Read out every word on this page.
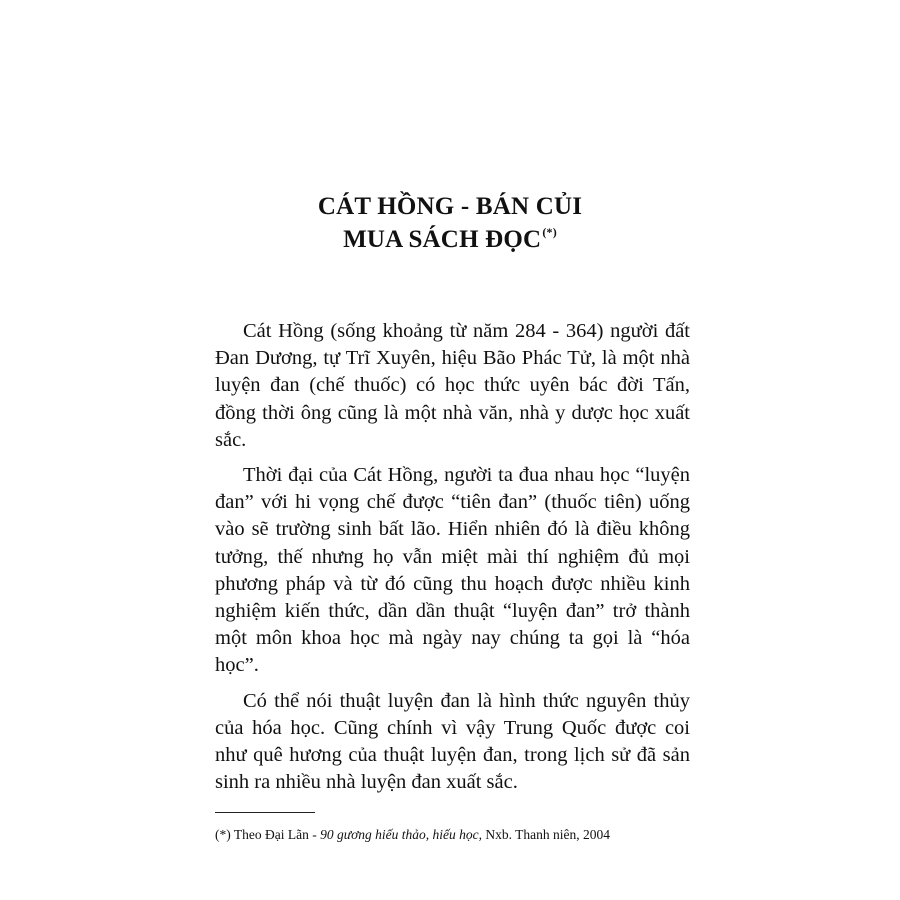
CÁT HỒNG - BÁN CỦI
MUA SÁCH ĐỌC(*)

Cát Hồng (sống khoảng từ năm 284 - 364) người đất Đan Dương, tự Trĩ Xuyên, hiệu Bão Phác Tử, là một nhà luyện đan (chế thuốc) có học thức uyên bác đời Tấn, đồng thời ông cũng là một nhà văn, nhà y dược học xuất sắc.

Thời đại của Cát Hồng, người ta đua nhau học “luyện đan” với hi vọng chế được “tiên đan” (thuốc tiên) uống vào sẽ trường sinh bất lão. Hiển nhiên đó là điều không tưởng, thế nhưng họ vẫn miệt mài thí nghiệm đủ mọi phương pháp và từ đó cũng thu hoạch được nhiều kinh nghiệm kiến thức, dần dần thuật “luyện đan” trở thành một môn khoa học mà ngày nay chúng ta gọi là “hóa học”.

Có thể nói thuật luyện đan là hình thức nguyên thủy của hóa học. Cũng chính vì vậy Trung Quốc được coi như quê hương của thuật luyện đan, trong lịch sử đã sản sinh ra nhiều nhà luyện đan xuất sắc.

(*) Theo Đại Lãn - 90 gương hiếu thảo, hiếu học, Nxb. Thanh niên, 2004
